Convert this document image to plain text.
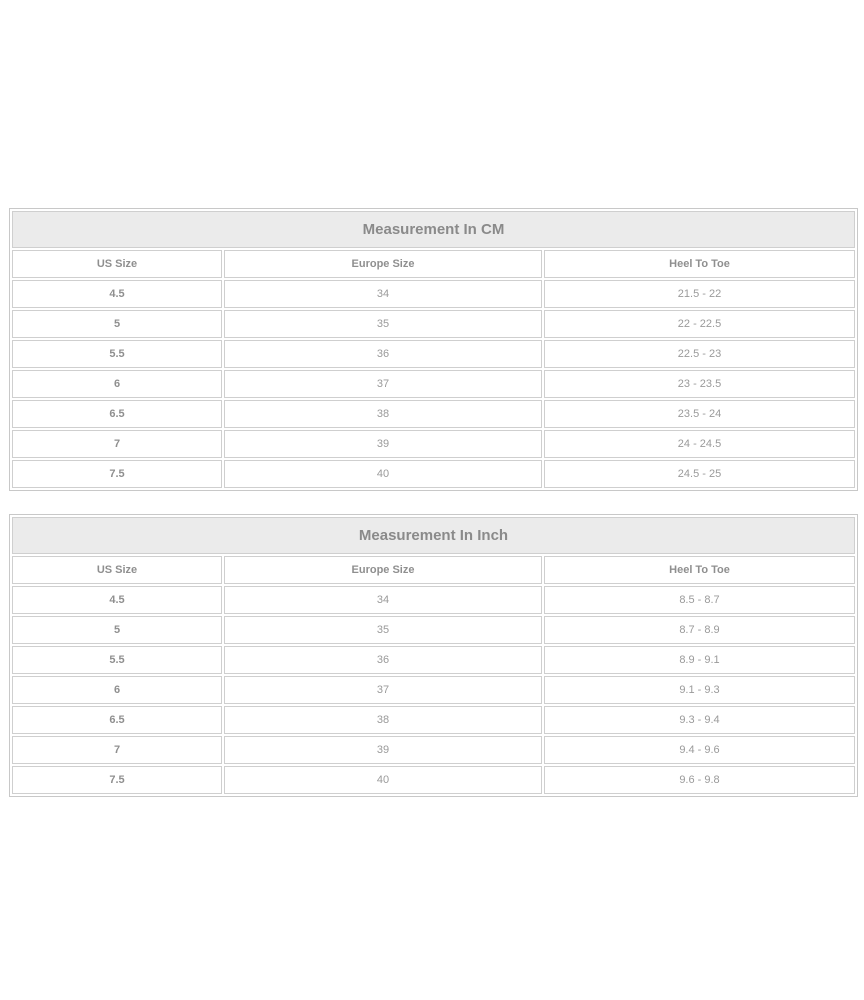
Measurement In CM		
US Size	Europe Size	Heel To Toe
4.5	34	21.5 - 22
5	35	22 - 22.5
5.5	36	22.5 - 23
6	37	23 - 23.5
6.5	38	23.5 - 24
7	39	24 - 24.5
7.5	40	24.5 - 25
Measurement In Inch		
US Size	Europe Size	Heel To Toe
4.5	34	8.5 - 8.7
5	35	8.7 - 8.9
5.5	36	8.9 - 9.1
6	37	9.1 - 9.3
6.5	38	9.3 - 9.4
7	39	9.4 - 9.6
7.5	40	9.6 - 9.8
